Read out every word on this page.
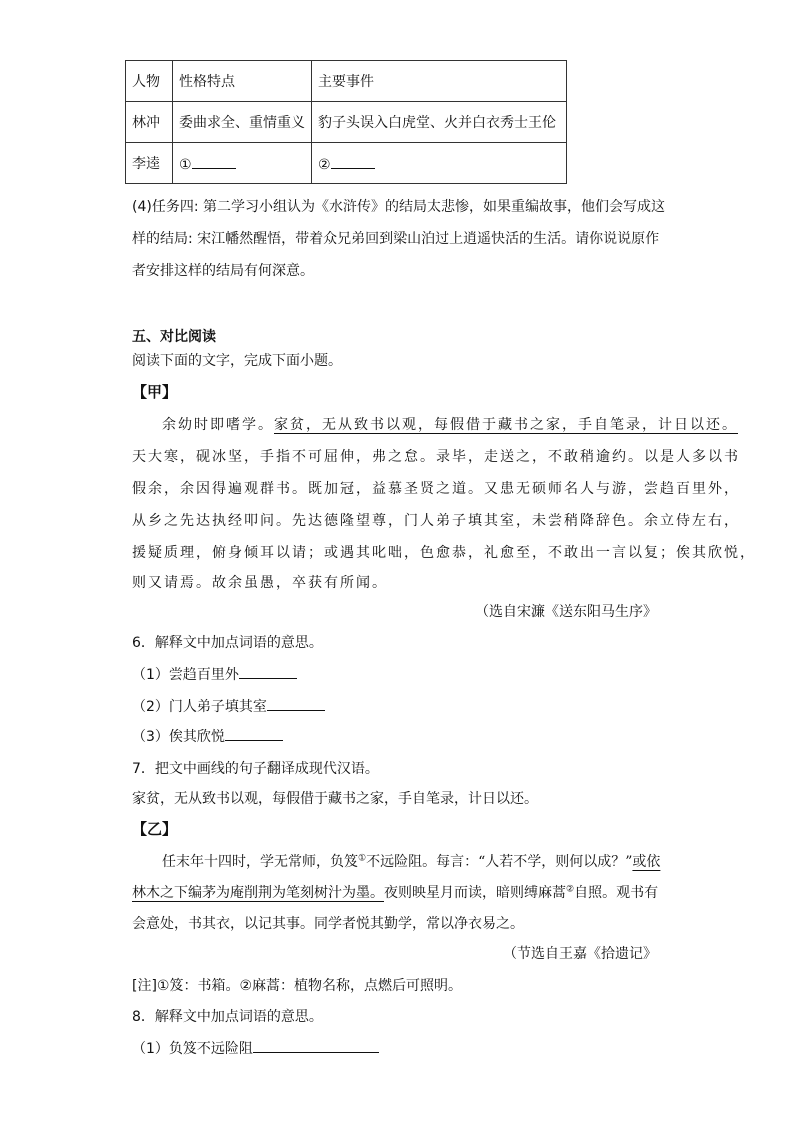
人物	性格特点	主要事件
林冲	委曲求全、重情重义	豹子头误入白虎堂、火并白衣秀士王伦
李逵	①	②
(4)任务四: 第二学习小组认为《水浒传》的结局太悲惨，如果重编故事，他们会写成这
样的结局: 宋江幡然醒悟，带着众兄弟回到梁山泊过上逍遥快活的生活。请你说说原作
者安排这样的结局有何深意。
五、对比阅读
阅读下面的文字，完成下面小题。
【甲】
余幼时即嗜学。家贫，无从致书以观，每假借于藏书之家，手自笔录，计日以还。
天大寒，砚冰坚，手指不可屈伸，弗之怠。录毕，走送之，不敢稍逾约。以是人多以书
假余，余因得遍观群书。既加冠，益慕圣贤之道。又患无硕师名人与游，尝趋百里外，
从乡之先达执经叩问。先达德隆望尊，门人弟子填其室，未尝稍降辞色。余立侍左右，
援疑质理，俯身倾耳以请；或遇其叱咄，色愈恭，礼愈至，不敢出一言以复；俟其欣悦，
则又请焉。故余虽愚，卒获有所闻。
（选自宋濂《送东阳马生序》
6．解释文中加点词语的意思。
（1）尝趋百里外
（2）门人弟子填其室
（3）俟其欣悦
7．把文中画线的句子翻译成现代汉语。
家贫，无从致书以观，每假借于藏书之家，手自笔录，计日以还。
【乙】
任末年十四时，学无常师，负笈①不远险阻。每言：“人若不学，则何以成？”或依
林木之下编茅为庵削荆为笔刻树汁为墨。夜则映星月而读，暗则缚麻蒿②自照。观书有
会意处，书其衣，以记其事。同学者悦其勤学，常以净衣易之。
（节选自王嘉《拾遗记》
[注]①笈：书箱。②麻蒿：植物名称，点燃后可照明。
8．解释文中加点词语的意思。
（1）负笈不远险阻
